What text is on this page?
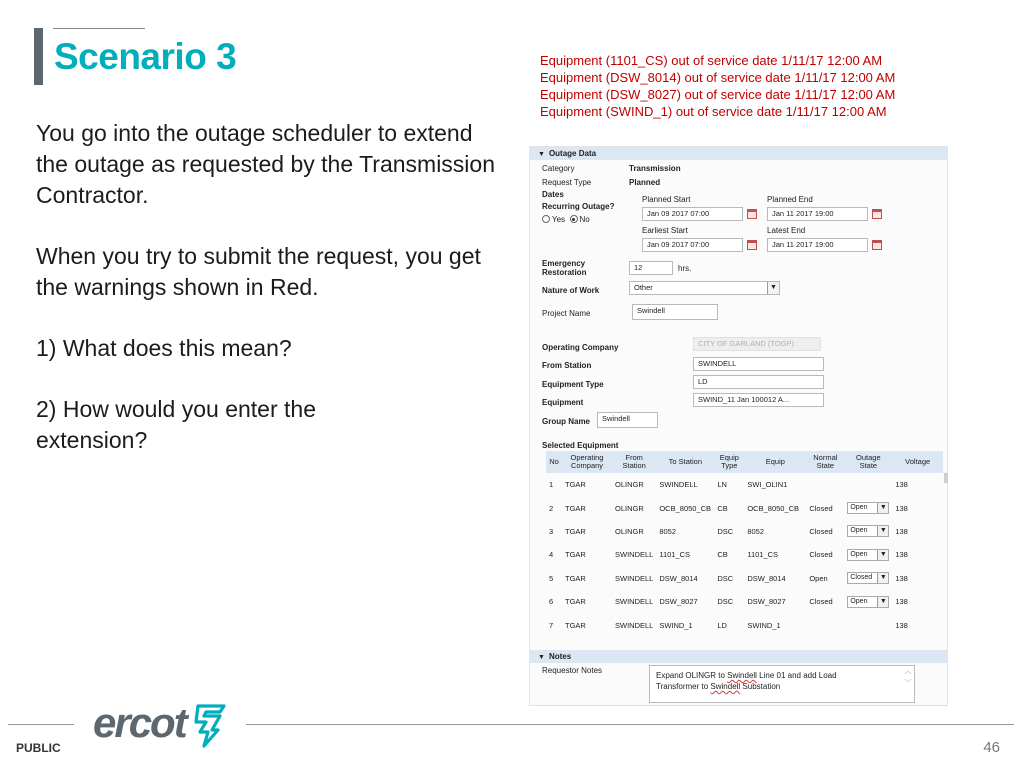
Scenario 3
You go into the outage scheduler to extend the outage as requested by the Transmission Contractor.
When you try to submit the request, you get the warnings shown in Red.
1) What does this mean?
2) How would you enter the extension?
Equipment (1101_CS) out of service date 1/11/17 12:00 AM
Equipment (DSW_8014) out of service date 1/11/17 12:00 AM
Equipment (DSW_8027) out of service date 1/11/17 12:00 AM
Equipment (SWIND_1) out of service date 1/11/17 12:00 AM
▼ Outage Data
Category	Transmission
Request Type	Planned
Dates
Recurring Outage?
Yes No
Planned Start
Jan 09 2017 07:00
Planned End
Jan 11 2017 19:00
Earliest Start
Jan 09 2017 07:00
Latest End
Jan 11 2017 19:00
Emergency
Restoration
12	hrs.
Nature of Work	Other	▼
Project Name	Swindell
Operating Company	CITY OF GARLAND (TOGP)
From Station	SWINDELL
Equipment Type	LD
Equipment	SWIND_11 Jan 100012 A...
Group Name	Swindell
Selected Equipment
No	Operating Company	From Station	To Station	Equip Type	Equip	Normal State	Outage State	Voltage
1	TGAR	OLINGR	SWINDELL	LN	SWI_OLIN1			138
2	TGAR	OLINGR	OCB_8050_CB	CB	OCB_8050_CB	Closed	Open ▼	138
3	TGAR	OLINGR	8052	DSC	8052	Closed	Open ▼	138
4	TGAR	SWINDELL	1101_CS	CB	1101_CS	Closed	Open ▼	138
5	TGAR	SWINDELL	DSW_8014	DSC	DSW_8014	Open	Closed ▼	138
6	TGAR	SWINDELL	DSW_8027	DSC	DSW_8027	Closed	Open ▼	138
7	TGAR	SWINDELL	SWIND_1	LD	SWIND_1			138
▼ Notes
Requestor Notes
Expand OLINGR to Swindell Line 01 and add Load
Transformer to Swindell Substation
︿
﹀
ercot
PUBLIC	46
